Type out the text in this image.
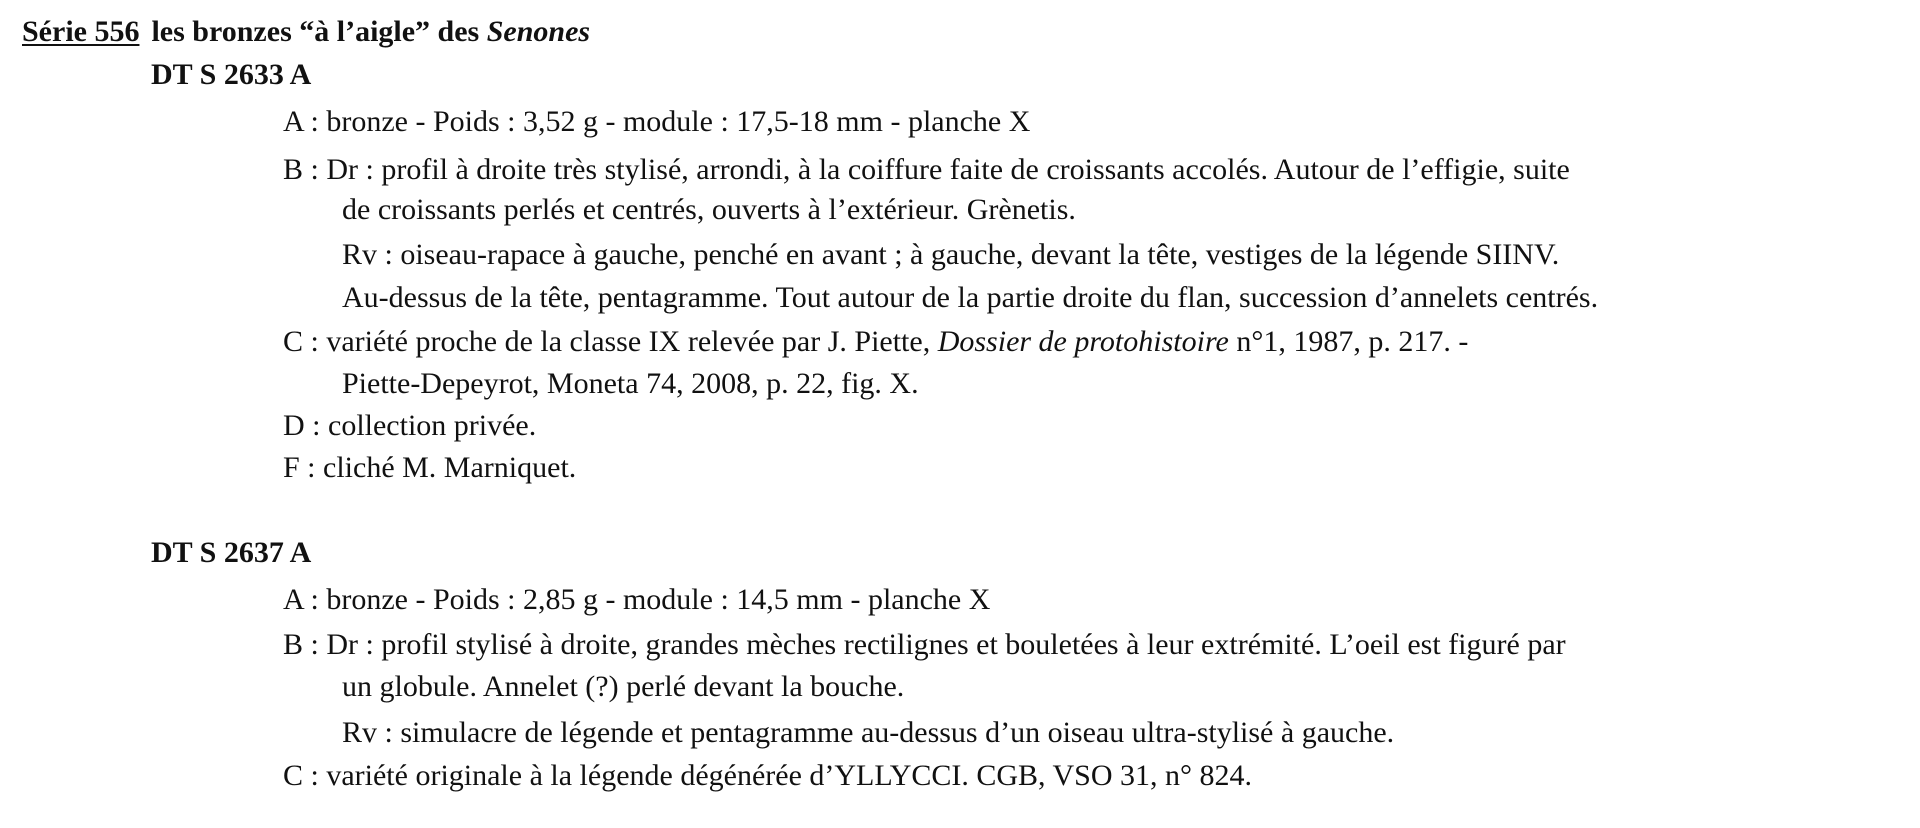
Série 556 les bronzes “à l’aigle” des Senones
DT S 2633 A
A : bronze - Poids : 3,52 g - module : 17,5-18 mm - planche X
B : Dr : profil à droite très stylisé, arrondi, à la coiffure faite de croissants accolés. Autour de l’effigie, suite
de croissants perlés et centrés, ouverts à l’extérieur. Grènetis.
Rv : oiseau-rapace à gauche, penché en avant ; à gauche, devant la tête, vestiges de la légende SIINV.
Au-dessus de la tête, pentagramme. Tout autour de la partie droite du flan, succession d’annelets centrés.
C : variété proche de la classe IX relevée par J. Piette, Dossier de protohistoire n°1, 1987, p. 217. -
Piette-Depeyrot, Moneta 74, 2008, p. 22, fig. X.
D : collection privée.
F : cliché M. Marniquet.
DT S 2637 A
A : bronze - Poids : 2,85 g - module : 14,5 mm - planche X
B : Dr : profil stylisé à droite, grandes mèches rectilignes et bouletées à leur extrémité. L’oeil est figuré par
un globule. Annelet (?) perlé devant la bouche.
Rv : simulacre de légende et pentagramme au-dessus d’un oiseau ultra-stylisé à gauche.
C : variété originale à la légende dégénérée d’YLLYCCI. CGB, VSO 31, n° 824.
